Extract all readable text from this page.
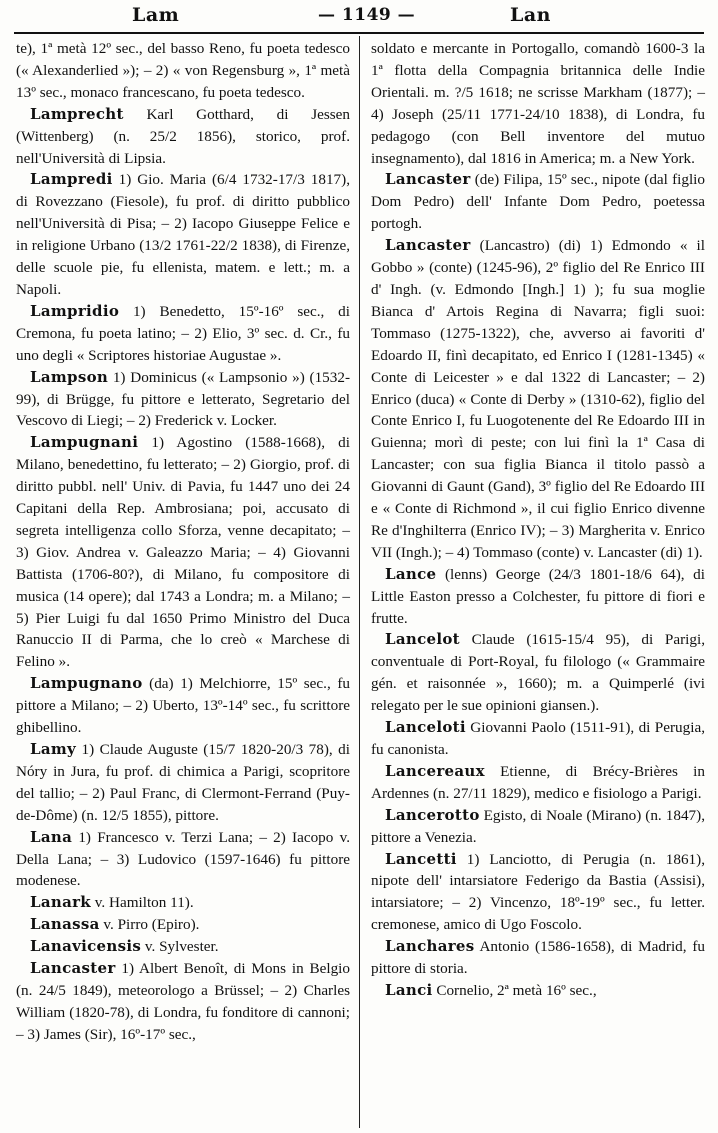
Lam	— 1149 —	Lan

te), 1ª metà 12º sec., del basso Reno, fu poeta tedesco (« Alexanderlied »); – 2) « von Regensburg », 1ª metà 13º sec., monaco francescano, fu poeta tedesco.

Lamprecht Karl Gotthard, di Jessen (Wittenberg) (n. 25/2 1856), storico, prof. nell'Università di Lipsia.

Lampredi 1) Gio. Maria (6/4 1732-17/3 1817), di Rovezzano (Fiesole), fu prof. di diritto pubblico nell'Università di Pisa; – 2) Iacopo Giuseppe Felice e in religione Urbano (13/2 1761-22/2 1838), di Firenze, delle scuole pie, fu ellenista, matem. e lett.; m. a Napoli.

Lampridio 1) Benedetto, 15º-16º sec., di Cremona, fu poeta latino; – 2) Elio, 3º sec. d. Cr., fu uno degli « Scriptores historiae Augustae ».

Lampson 1) Dominicus (« Lampsonio ») (1532-99), di Brügge, fu pittore e letterato, Segretario del Vescovo di Liegi; – 2) Frederick v. Locker.

Lampugnani 1) Agostino (1588-1668), di Milano, benedettino, fu letterato; – 2) Giorgio, prof. di diritto pubbl. nell' Univ. di Pavia, fu 1447 uno dei 24 Capitani della Rep. Ambrosiana; poi, accusato di segreta intelligenza collo Sforza, venne decapitato; – 3) Giov. Andrea v. Galeazzo Maria; – 4) Giovanni Battista (1706-80?), di Milano, fu compositore di musica (14 opere); dal 1743 a Londra; m. a Milano; – 5) Pier Luigi fu dal 1650 Primo Ministro del Duca Ranuccio II di Parma, che lo creò « Marchese di Felino ».

Lampugnano (da) 1) Melchiorre, 15º sec., fu pittore a Milano; – 2) Uberto, 13º-14º sec., fu scrittore ghibellino.

Lamy 1) Claude Auguste (15/7 1820-20/3 78), di Nóry in Jura, fu prof. di chimica a Parigi, scopritore del tallio; – 2) Paul Franc, di Clermont-Ferrand (Puy-de-Dôme) (n. 12/5 1855), pittore.

Lana 1) Francesco v. Terzi Lana; – 2) Iacopo v. Della Lana; – 3) Ludovico (1597-1646) fu pittore modenese.

Lanark v. Hamilton 11).

Lanassa v. Pirro (Epiro).

Lanavicensis v. Sylvester.

Lancaster 1) Albert Benoît, di Mons in Belgio (n. 24/5 1849), meteorologo a Brüssel; – 2) Charles William (1820-78), di Londra, fu fonditore di cannoni; – 3) James (Sir), 16º-17º sec.,

soldato e mercante in Portogallo, comandò 1600-3 la 1ª flotta della Compagnia britannica delle Indie Orientali. m. ?/5 1618; ne scrisse Markham (1877); – 4) Joseph (25/11 1771-24/10 1838), di Londra, fu pedagogo (con Bell inventore del mutuo insegnamento), dal 1816 in America; m. a New York.

Lancaster (de) Filipa, 15º sec., nipote (dal figlio Dom Pedro) dell' Infante Dom Pedro, poetessa portogh.

Lancaster (Lancastro) (di) 1) Edmondo « il Gobbo » (conte) (1245-96), 2º figlio del Re Enrico III d' Ingh. (v. Edmondo [Ingh.] 1) ); fu sua moglie Bianca d' Artois Regina di Navarra; figli suoi: Tommaso (1275-1322), che, avverso ai favoriti d' Edoardo II, finì decapitato, ed Enrico I (1281-1345) « Conte di Leicester » e dal 1322 di Lancaster; – 2) Enrico (duca) « Conte di Derby » (1310-62), figlio del Conte Enrico I, fu Luogotenente del Re Edoardo III in Guienna; morì di peste; con lui finì la 1ª Casa di Lancaster; con sua figlia Bianca il titolo passò a Giovanni di Gaunt (Gand), 3º figlio del Re Edoardo III e « Conte di Richmond », il cui figlio Enrico divenne Re d'Inghilterra (Enrico IV); – 3) Margherita v. Enrico VII (Ingh.); – 4) Tommaso (conte) v. Lancaster (di) 1).

Lance (lenns) George (24/3 1801-18/6 64), di Little Easton presso a Colchester, fu pittore di fiori e frutte.

Lancelot Claude (1615-15/4 95), di Parigi, conventuale di Port-Royal, fu filologo (« Grammaire gén. et raisonnée », 1660); m. a Quimperlé (ivi relegato per le sue opinioni giansen.).

Lanceloti Giovanni Paolo (1511-91), di Perugia, fu canonista.

Lancereaux Etienne, di Brécy-Brières in Ardennes (n. 27/11 1829), medico e fisiologo a Parigi.

Lancerotto Egisto, di Noale (Mirano) (n. 1847), pittore a Venezia.

Lancetti 1) Lanciotto, di Perugia (n. 1861), nipote dell' intarsiatore Federigo da Bastia (Assisi), intarsiatore; – 2) Vincenzo, 18º-19º sec., fu letter. cremonese, amico di Ugo Foscolo.

Lanchares Antonio (1586-1658), di Madrid, fu pittore di storia.

Lanci Cornelio, 2ª metà 16º sec.,
